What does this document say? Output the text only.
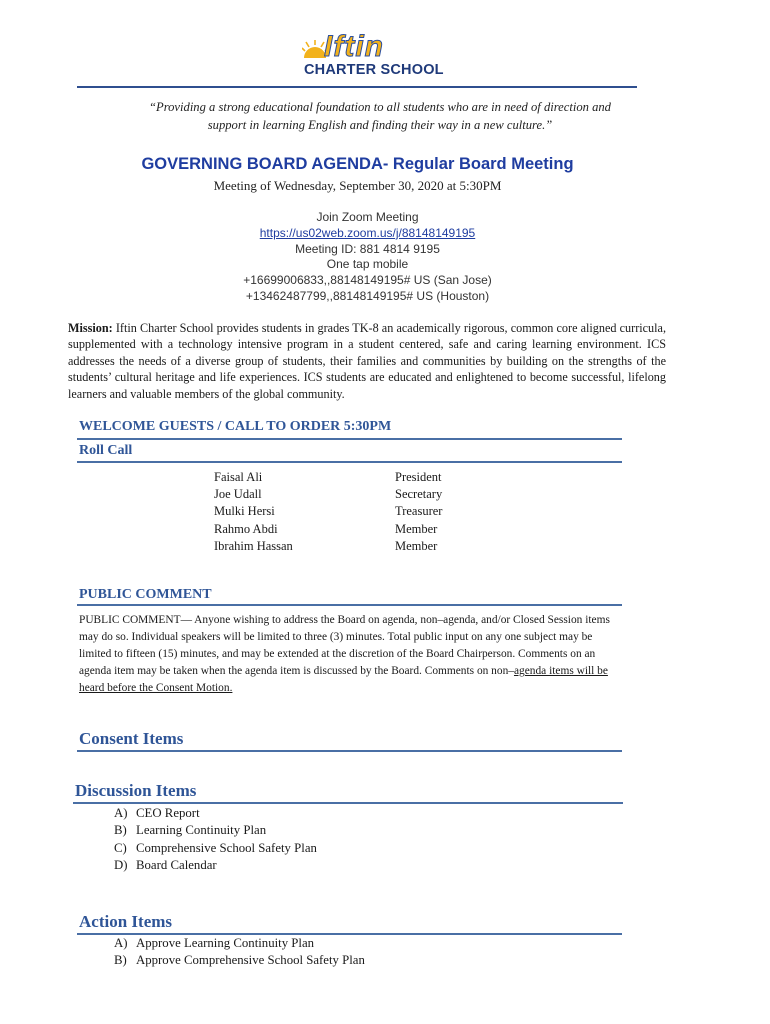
Iftin
CHARTER SCHOOL
“Providing a strong educational foundation to all students who are in need of direction and
support in learning English and finding their way in a new culture.”
GOVERNING BOARD AGENDA- Regular Board Meeting
Meeting of Wednesday, September 30, 2020 at 5:30PM
Join Zoom Meeting
https://us02web.zoom.us/j/88148149195
Meeting ID: 881 4814 9195
One tap mobile
+16699006833,,88148149195# US (San Jose)
+13462487799,,88148149195# US (Houston)
Mission: Iftin Charter School provides students in grades TK-8 an academically rigorous, common core aligned curricula, supplemented with a technology intensive program in a student centered, safe and caring learning environment. ICS addresses the needs of a diverse group of students, their families and communities by building on the strengths of the students’ cultural heritage and life experiences. ICS students are educated and enlightened to become successful, lifelong learners and valuable members of the global community.
WELCOME GUESTS / CALL TO ORDER 5:30PM
Roll Call
Faisal Ali	President
Joe Udall	Secretary
Mulki Hersi	Treasurer
Rahmo Abdi	Member
Ibrahim Hassan	Member
PUBLIC COMMENT
PUBLIC COMMENT— Anyone wishing to address the Board on agenda, non–agenda, and/or Closed Session items may do so. Individual speakers will be limited to three (3) minutes. Total public input on any one subject may be limited to fifteen (15) minutes, and may be extended at the discretion of the Board Chairperson. Comments on an agenda item may be taken when the agenda item is discussed by the Board. Comments on non–agenda items will be heard before the Consent Motion.
Consent Items
Discussion Items
A) CEO Report
B) Learning Continuity Plan
C) Comprehensive School Safety Plan
D) Board Calendar
Action Items
A) Approve Learning Continuity Plan
B) Approve Comprehensive School Safety Plan
